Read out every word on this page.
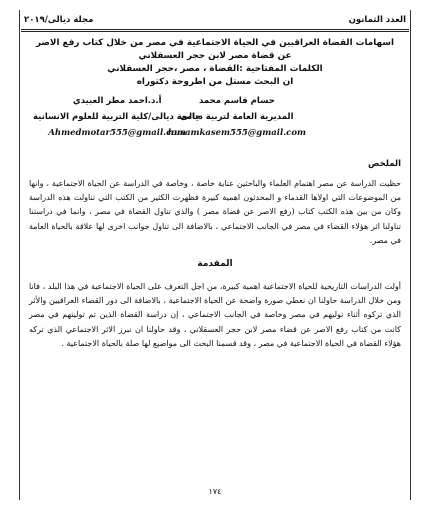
العدد الثمانون
مجلة ديالى/٢٠١٩
اسهامات القضاة العراقيين في الحياة الاجتماعية في مصر من خلال كتاب رفع الاصر
عن قضاة مصر لابن حجر العسقلاني
الكلمات المفتاحية :القضاة ، مصر ،حجر العسقلاني
ان البحث مستل من اطروحة دكتوراه
حسام قاسم محمد
المديرية العامة لتربية ديالى
husamkasem555@gmail.com
أ.د.احمد مطر العبيدي
جامعة ديالى/كلية التربية للعلوم الانسانية
Ahmedmotar555@gmail.com
الملخص

حظيت الدراسة عن مصر اهتمام العلماء والباحثين عناية خاصة ، وخاصة في الدراسة عن الحياة الاجتماعية ، وانها من الموضوعات التي اولاها القدماء و المحدثون اهمية كبيرة فظهرت الكثير من الكتب التي تناولت هذه الدراسة وكان من بين هذه الكتب كتاب (رفع الاصر عن قضاة مصر ) والذي تناول القضاة في مصر ، وانما في دراستنا تناولنا اثر هؤلاء القضاء في مصر في الجانب الاجتماعي ، بالاضافة الى تناول جوانب اخرى لها علاقة بالحياة العامة في مصر.

المقدمة

أولت الدراسات التاريخية للحياة الاجتماعية اهمية كبيرة، من اجل التعرف على الحياة الاجتماعية في هذا البلد ، فانا ومن خلال الدراسة حاولنا ان نعطي صورة واضحة عن الحياة الاجتماعية ، بالاضافة الى دور القضاء العراقيين والأثر الذي تركوه أثناء توليهم في مصر وخاصة في الجانب الاجتماعي ، إن دراسة القضاة الذين تم توليتهم في مصر كانت من كتاب رفع الاصر عن قضاء مصر لابن حجر العسقلاني ، وقد حاولنا ان نبرز الاثر الاجتماعي الذي تركه هؤلاء القضاة في الحياة الاجتماعية في مصر ، وقد قسمنا البحث الى مواضيع لها صلة بالحياة الاجتماعية .

١٧٤
